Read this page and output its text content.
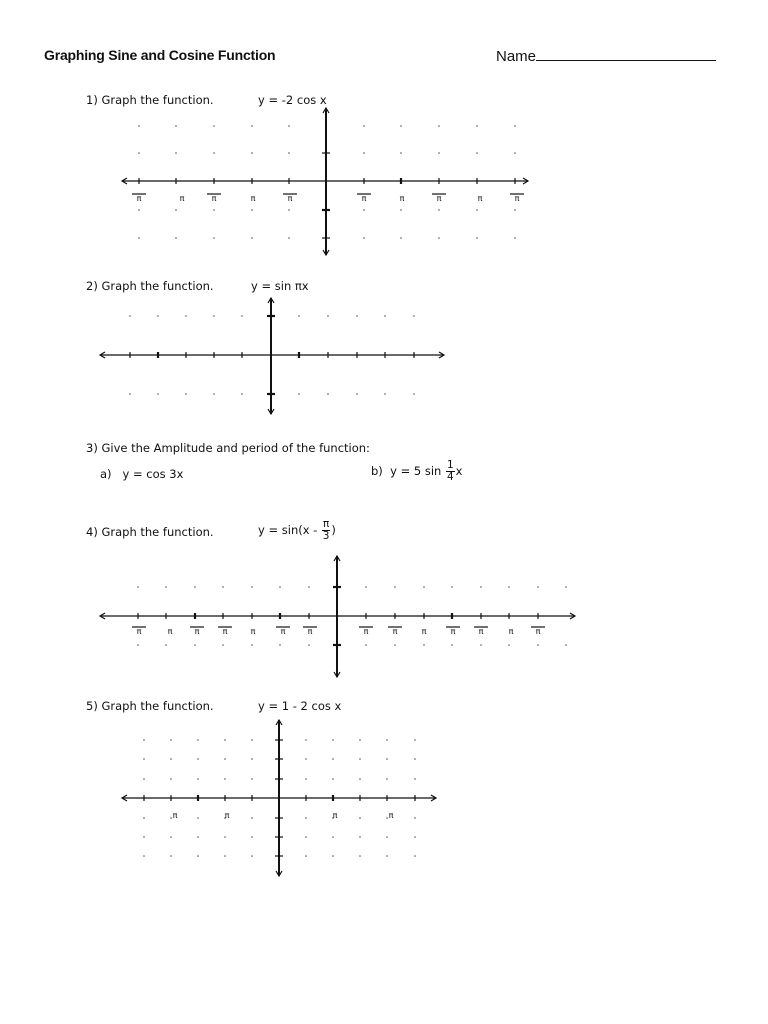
Graphing Sine and Cosine Function	Name
1) Graph the function.	y = -2 cos x
2) Graph the function.	y = sin πx
3) Give the Amplitude and period of the function:
a) y = cos 3x	b) y = 5 $\sin \frac{1}{4}$ x
4) Graph the function.	$y = \sin(x - \frac{\pi}{3}$ )
5) Graph the function.	y = 1 - 2 cos x
π	π	π	π	π	π	π	π	π	π
π	π	π	π	π	π	π	π	π	π	π	π	π	π
π	π	π	π
